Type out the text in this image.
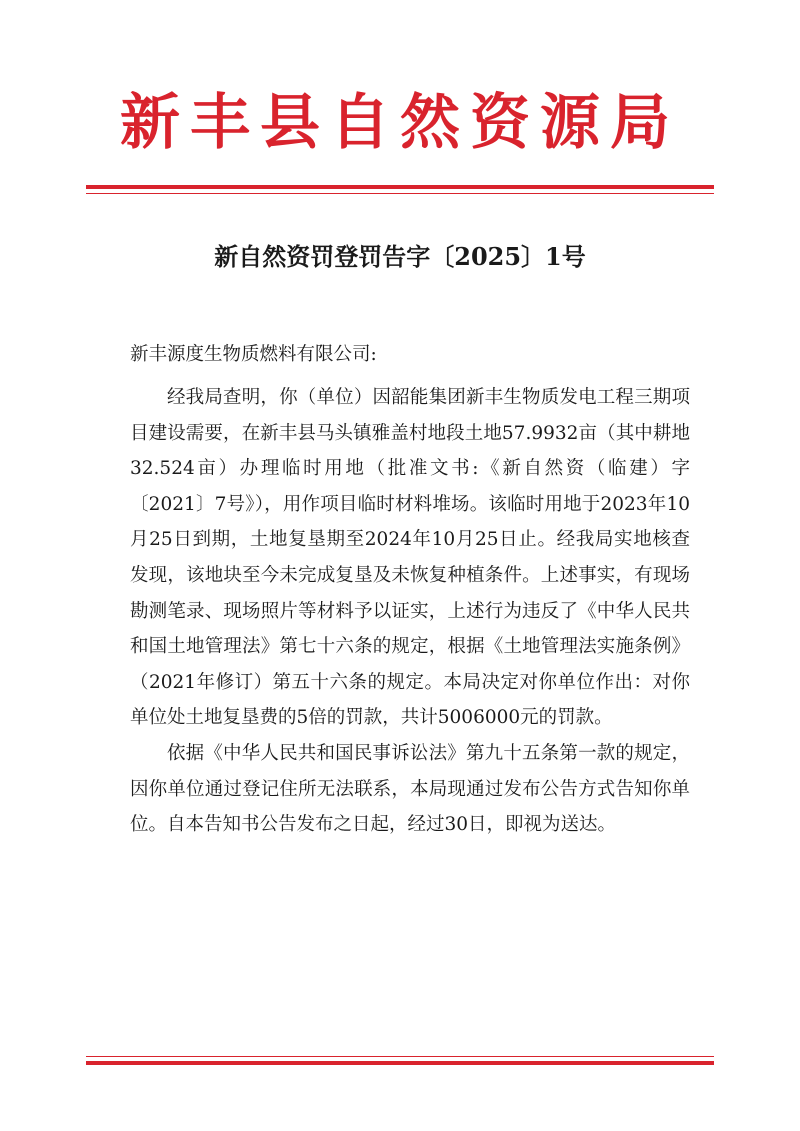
新丰县自然资源局
新自然资罚登罚告字〔2025〕1号
新丰源度生物质燃料有限公司:

经我局查明，你（单位）因韶能集团新丰生物质发电工程三期项目建设需要，在新丰县马头镇雅盖村地段土地57.9932亩（其中耕地32.524亩）办理临时用地（批准文书:《新自然资（临建）字〔2021〕7号》），用作项目临时材料堆场。该临时用地于2023年10月25日到期，土地复垦期至2024年10月25日止。经我局实地核查发现，该地块至今未完成复垦及未恢复种植条件。上述事实，有现场勘测笔录、现场照片等材料予以证实，上述行为违反了《中华人民共和国土地管理法》第七十六条的规定，根据《土地管理法实施条例》（2021年修订）第五十六条的规定。本局决定对你单位作出：对你单位处土地复垦费的5倍的罚款，共计5006000元的罚款。

依据《中华人民共和国民事诉讼法》第九十五条第一款的规定，因你单位通过登记住所无法联系，本局现通过发布公告方式告知你单位。自本告知书公告发布之日起，经过30日，即视为送达。
